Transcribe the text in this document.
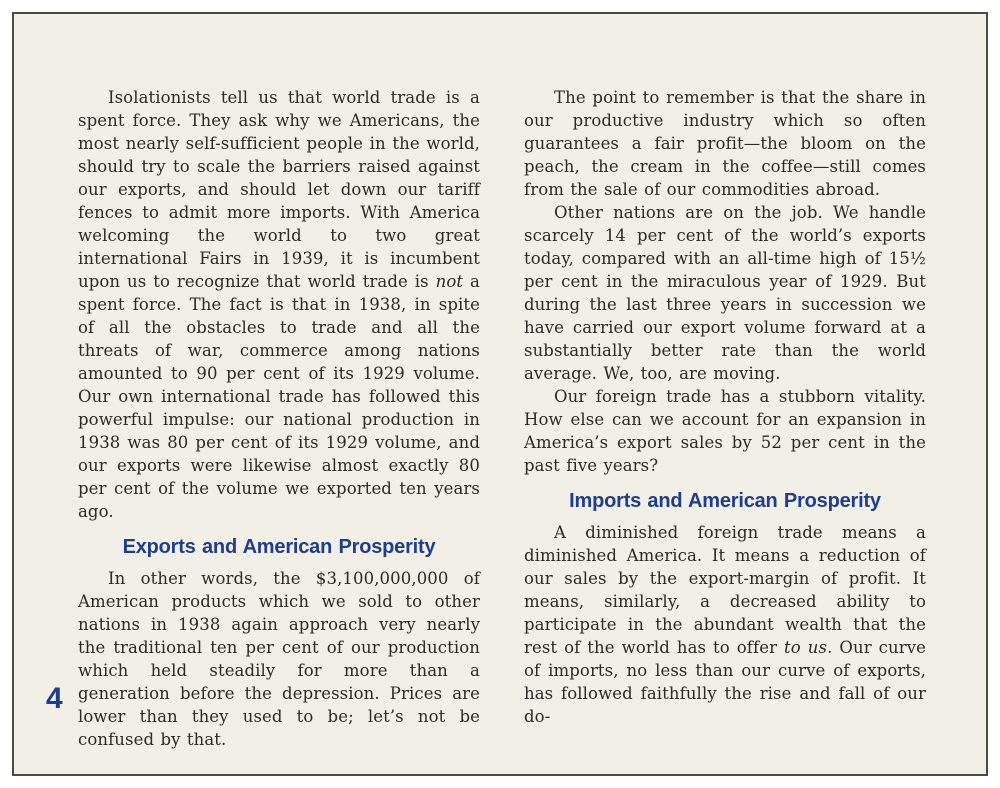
Isolationists tell us that world trade is a spent force. They ask why we Americans, the most nearly self-sufficient people in the world, should try to scale the barriers raised against our exports, and should let down our tariff fences to admit more imports. With America welcoming the world to two great international Fairs in 1939, it is incumbent upon us to recognize that world trade is not a spent force. The fact is that in 1938, in spite of all the obstacles to trade and all the threats of war, commerce among nations amounted to 90 per cent of its 1929 volume. Our own international trade has followed this powerful impulse: our national production in 1938 was 80 per cent of its 1929 volume, and our exports were likewise almost exactly 80 per cent of the volume we exported ten years ago.

Exports and American Prosperity

In other words, the $3,100,000,000 of American products which we sold to other nations in 1938 again approach very nearly the traditional ten per cent of our production which held steadily for more than a generation before the depression. Prices are lower than they used to be; let’s not be confused by that.

The point to remember is that the share in our productive industry which so often guarantees a fair profit—the bloom on the peach, the cream in the coffee—still comes from the sale of our commodities abroad.

Other nations are on the job. We handle scarcely 14 per cent of the world’s exports today, compared with an all-time high of 15½ per cent in the miraculous year of 1929. But during the last three years in succession we have carried our export volume forward at a substantially better rate than the world average. We, too, are moving.

Our foreign trade has a stubborn vitality. How else can we account for an expansion in America’s export sales by 52 per cent in the past five years?

Imports and American Prosperity

A diminished foreign trade means a diminished America. It means a reduction of our sales by the export-margin of profit. It means, similarly, a decreased ability to participate in the abundant wealth that the rest of the world has to offer to us. Our curve of imports, no less than our curve of exports, has followed faithfully the rise and fall of our do-

4
